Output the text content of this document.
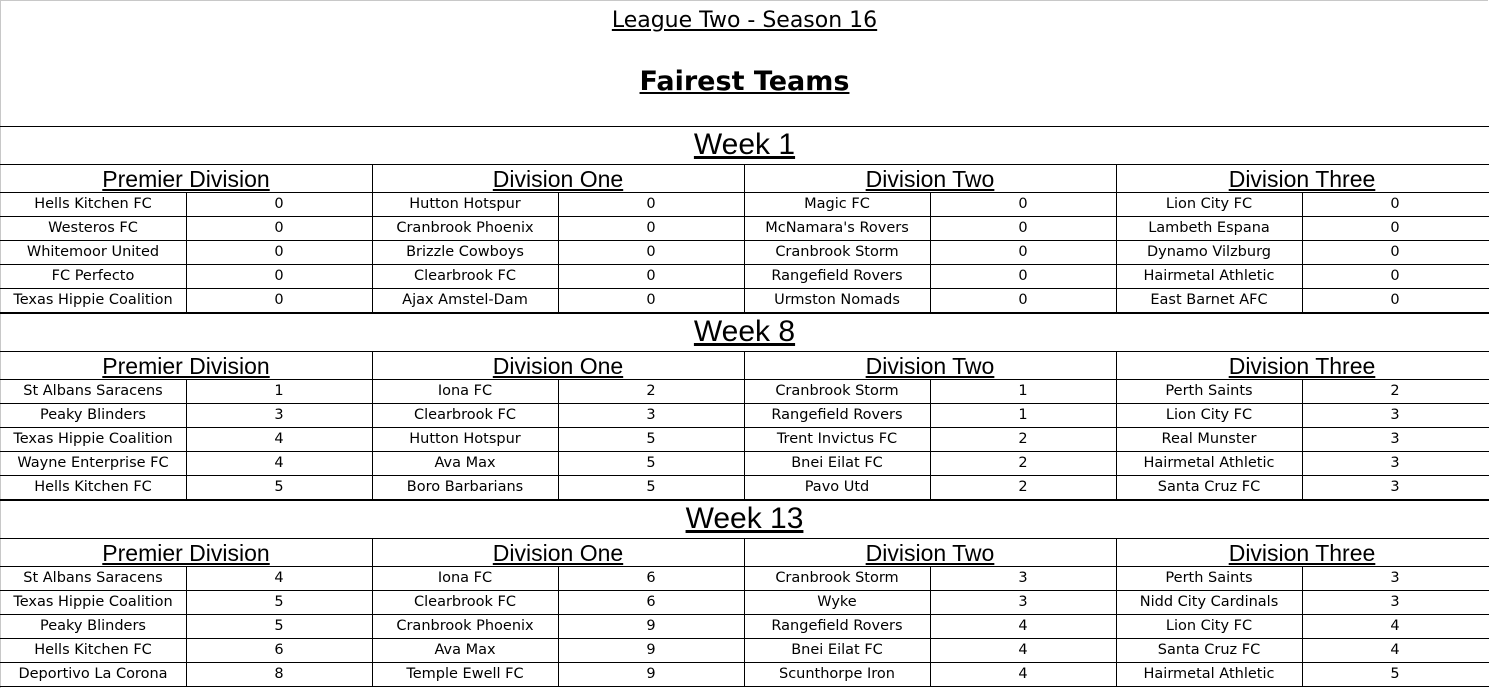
League Two - Season 16
Fairest Teams
Week 1
Premier Division	Division One	Division Two	Division Three
Hells Kitchen FC	0	Hutton Hotspur	0	Magic FC	0	Lion City FC	0
Westeros FC	0	Cranbrook Phoenix	0	McNamara's Rovers	0	Lambeth Espana	0
Whitemoor United	0	Brizzle Cowboys	0	Cranbrook Storm	0	Dynamo Vilzburg	0
FC Perfecto	0	Clearbrook FC	0	Rangefield Rovers	0	Hairmetal Athletic	0
Texas Hippie Coalition	0	Ajax Amstel-Dam	0	Urmston Nomads	0	East Barnet AFC	0
Week 8
Premier Division	Division One	Division Two	Division Three
St Albans Saracens	1	Iona FC	2	Cranbrook Storm	1	Perth Saints	2
Peaky Blinders	3	Clearbrook FC	3	Rangefield Rovers	1	Lion City FC	3
Texas Hippie Coalition	4	Hutton Hotspur	5	Trent Invictus FC	2	Real Munster	3
Wayne Enterprise FC	4	Ava Max	5	Bnei Eilat FC	2	Hairmetal Athletic	3
Hells Kitchen FC	5	Boro Barbarians	5	Pavo Utd	2	Santa Cruz FC	3
Week 13
Premier Division	Division One	Division Two	Division Three
St Albans Saracens	4	Iona FC	6	Cranbrook Storm	3	Perth Saints	3
Texas Hippie Coalition	5	Clearbrook FC	6	Wyke	3	Nidd City Cardinals	3
Peaky Blinders	5	Cranbrook Phoenix	9	Rangefield Rovers	4	Lion City FC	4
Hells Kitchen FC	6	Ava Max	9	Bnei Eilat FC	4	Santa Cruz FC	4
Deportivo La Corona	8	Temple Ewell FC	9	Scunthorpe Iron	4	Hairmetal Athletic	5
